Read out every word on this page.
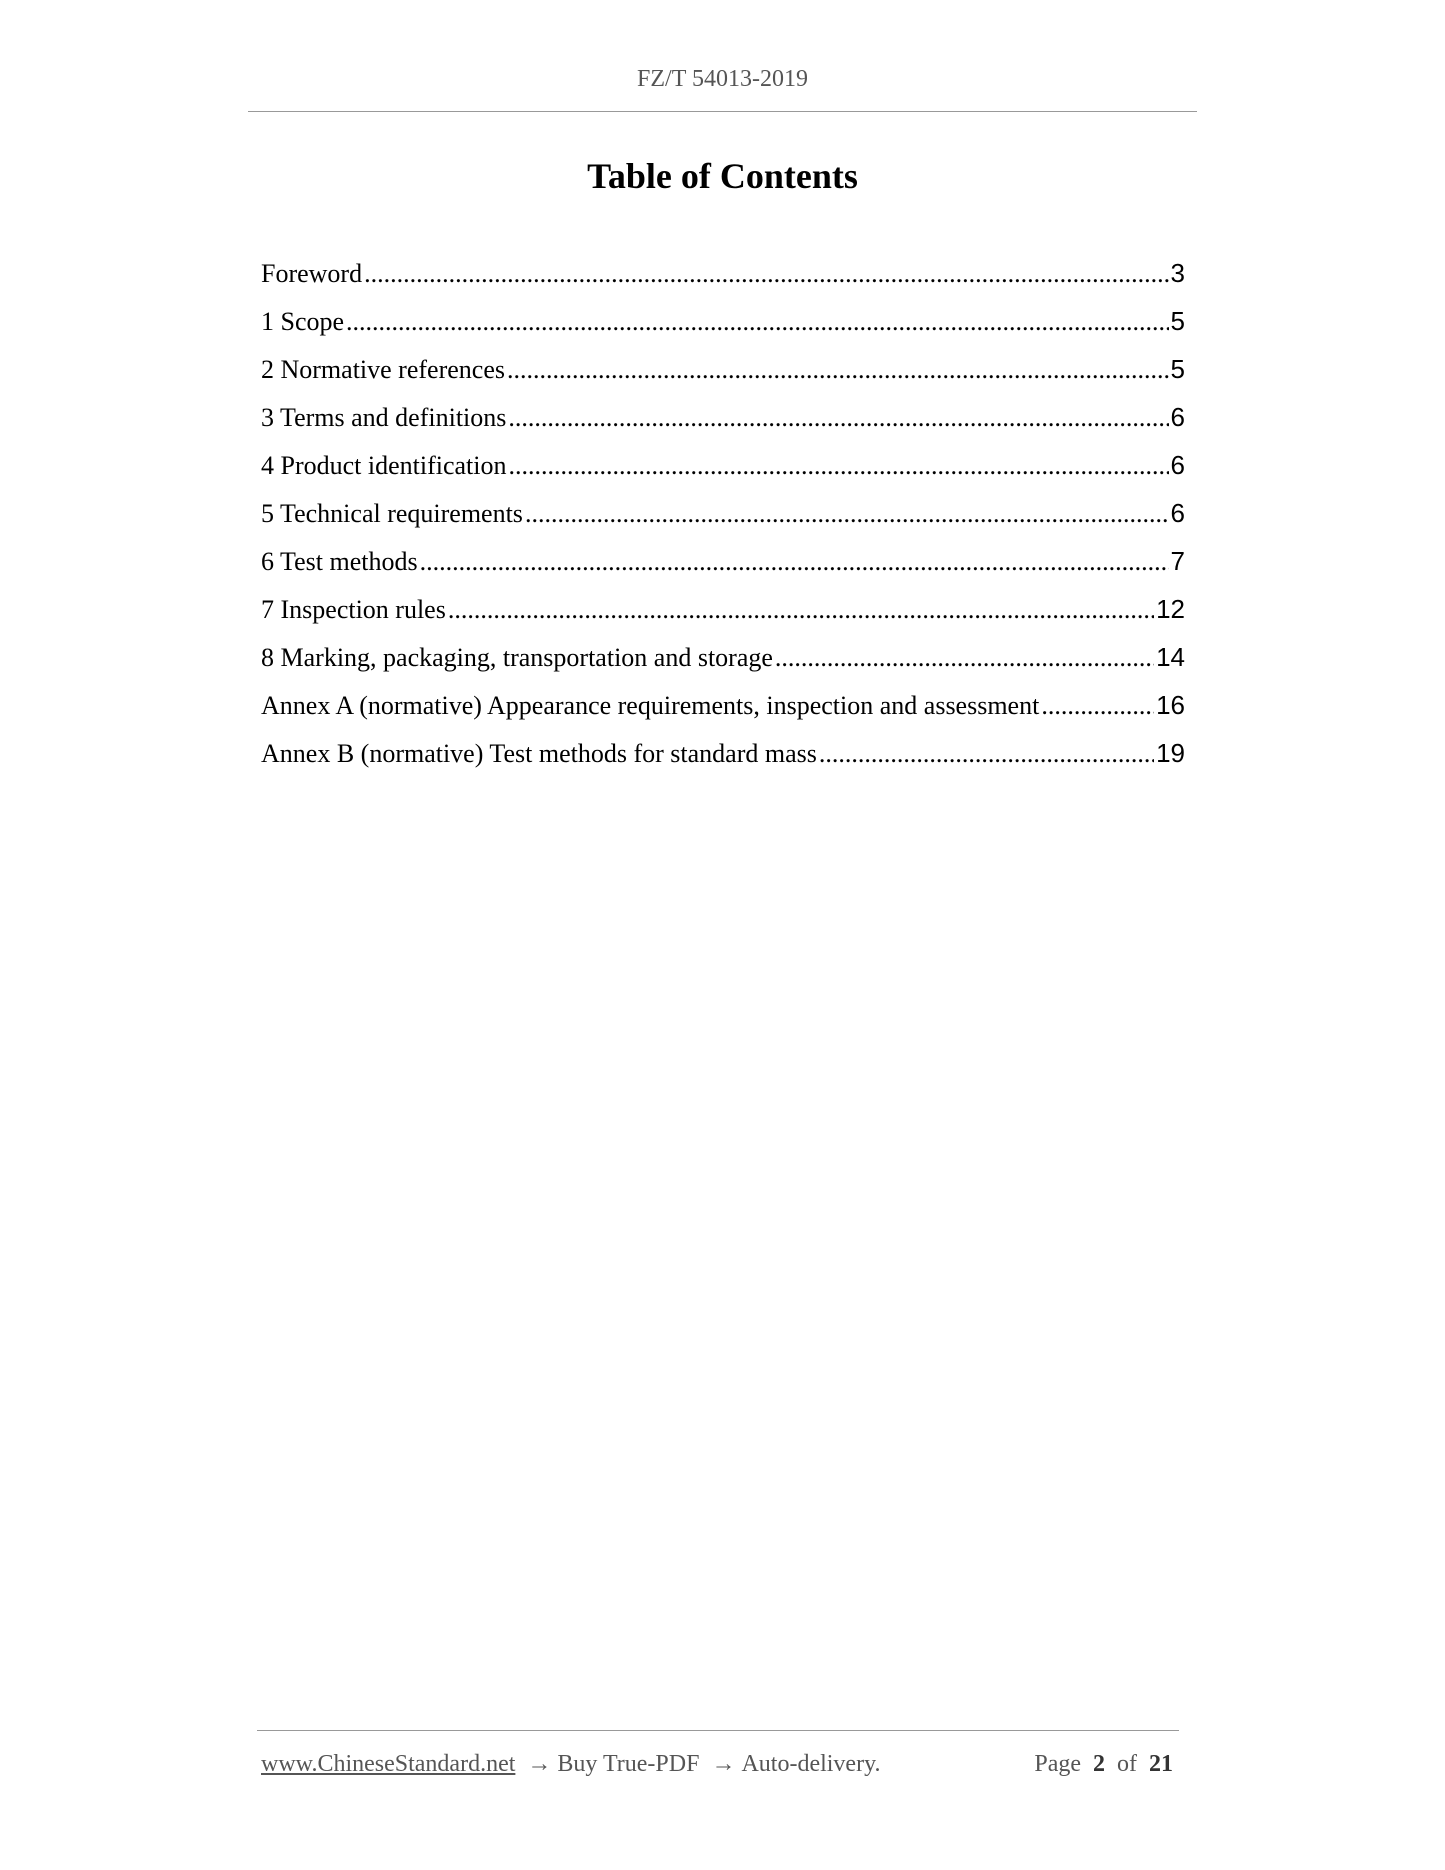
FZ/T 54013-2019
Table of Contents
Foreword .....	3
1 Scope .....	5
2 Normative references .....	5
3 Terms and definitions .....	6
4 Product identification .....	6
5 Technical requirements .....	6
6 Test methods .....	7
7 Inspection rules .....	12
8 Marking, packaging, transportation and storage .....	14
Annex A (normative) Appearance requirements, inspection and assessment .....	16
Annex B (normative) Test methods for standard mass .....	19
www.ChineseStandard.net → Buy True-PDF → Auto-delivery.	Page 2 of 21
